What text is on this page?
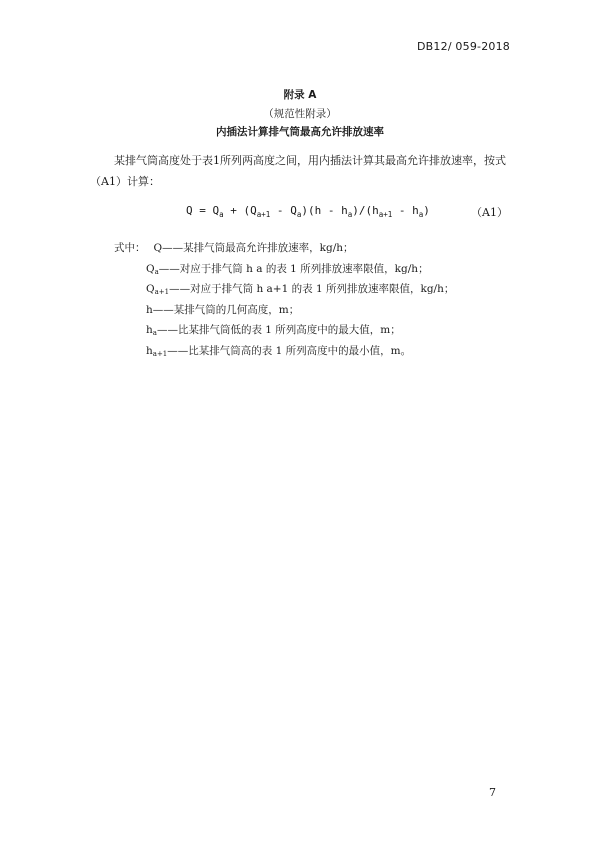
DB12/ 059-2018
附录 A
（规范性附录）
内插法计算排气筒最高允许排放速率
某排气筒高度处于表1所列两高度之间，用内插法计算其最高允许排放速率，按式（A1）计算：
$Q = Q_a + (Q_{a+1} - Q_a)(h - h_a)/(h_{a+1} - h_a)$	（A1）
式中： Q——某排气筒最高允许排放速率，kg/h；
$Q_a——$对应于排气筒 h a 的表 1 所列排放速率限值，kg/h；
$Q_{a+1}——$对应于排气筒 h a+1 的表 1 所列排放速率限值，kg/h；
h——某排气筒的几何高度，m；
$h_a——$比某排气筒低的表 1 所列高度中的最大值，m；
$h_{a+1}——$比某排气筒高的表 1 所列高度中的最小值，m。
7
